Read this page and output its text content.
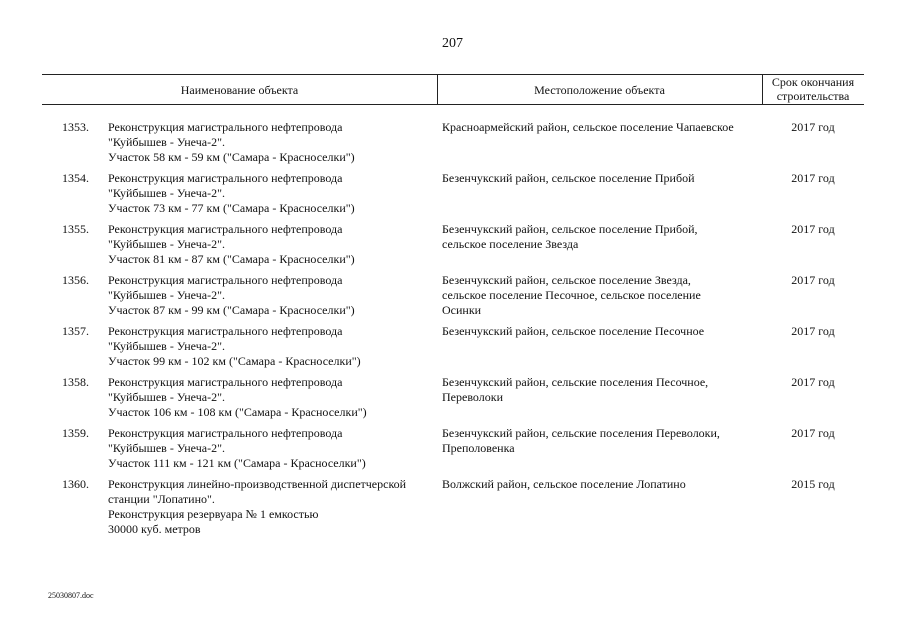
207
Наименование объекта	Местоположение объекта
Срок окончания
строительства
1353.	Реконструкция магистрального нефтепровода
"Куйбышев - Унеча-2".
Участок 58 км - 59 км ("Самара - Красноселки")
Красноармейский район, сельское поселение Чапаевское	2017 год
1354.	Реконструкция магистрального нефтепровода
"Куйбышев - Унеча-2".
Участок 73 км - 77 км ("Самара - Красноселки")
Безенчукский район, сельское поселение Прибой	2017 год
1355.	Реконструкция магистрального нефтепровода
"Куйбышев - Унеча-2".
Участок 81 км - 87 км ("Самара - Красноселки")
Безенчукский район, сельское поселение Прибой,
сельское поселение Звезда
2017 год
1356.	Реконструкция магистрального нефтепровода
"Куйбышев - Унеча-2".
Участок 87 км - 99 км ("Самара - Красноселки")
Безенчукский район, сельское поселение Звезда,
сельское поселение Песочное, сельское поселение
Осинки
2017 год
1357.	Реконструкция магистрального нефтепровода
"Куйбышев - Унеча-2".
Участок 99 км - 102 км ("Самара - Красноселки")
Безенчукский район, сельское поселение Песочное	2017 год
1358.	Реконструкция магистрального нефтепровода
"Куйбышев - Унеча-2".
Участок 106 км - 108 км ("Самара - Красноселки")
Безенчукский район, сельские поселения Песочное,
Переволоки
2017 год
1359.	Реконструкция магистрального нефтепровода
"Куйбышев - Унеча-2".
Участок 111 км - 121 км ("Самара - Красноселки")
Безенчукский район, сельские поселения Переволоки,
Преполовенка
2017 год
1360.	Реконструкция линейно-производственной диспетчерской
станции "Лопатино".
Реконструкция резервуара № 1 емкостью
30000 куб. метров
Волжский район, сельское поселение Лопатино	2015 год
25030807.doc
